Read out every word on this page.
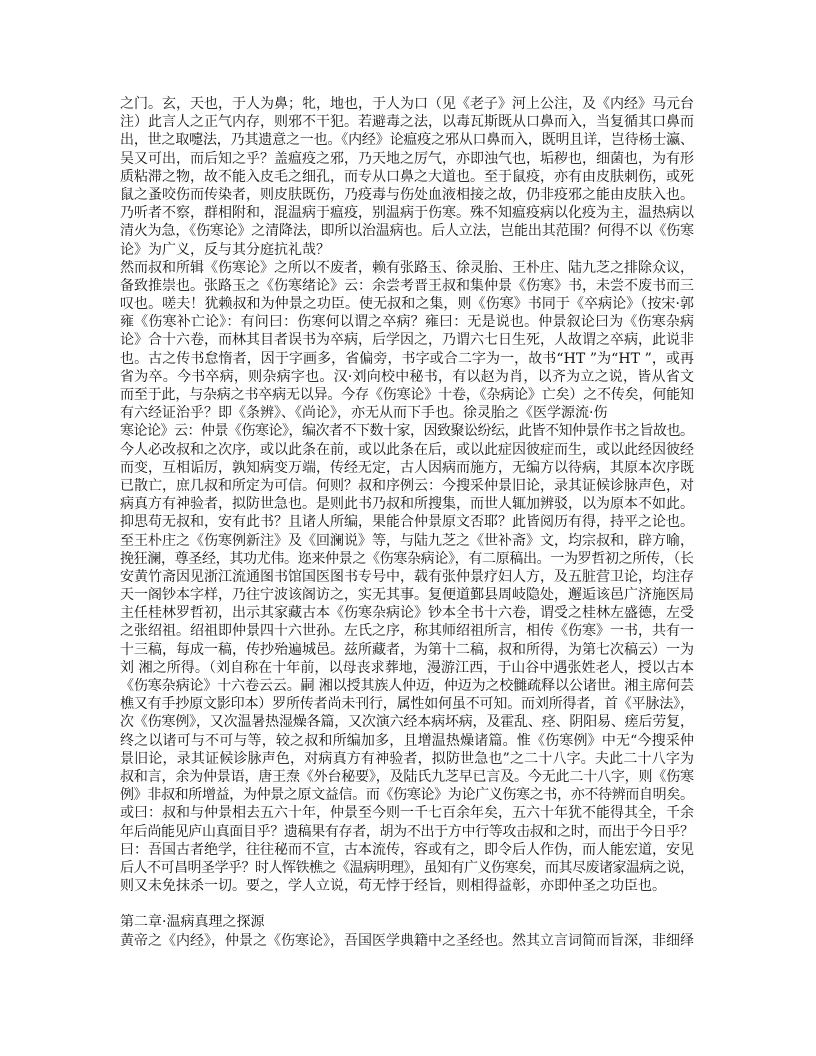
之门。玄，天也，于人为鼻；牝，地也，于人为口（见《老子》河上公注，及《内经》马元台
注）此言人之正气内存，则邪不干犯。若避毒之法，以毒瓦斯既从口鼻而入，当复循其口鼻而
出，世之取嚏法，乃其遗意之一也。《内经》论瘟疫之邪从口鼻而入，既明且详，岂待杨士瀛、
吴又可出，而后知之乎？盖瘟疫之邪，乃天地之厉气，亦即浊气也，垢秽也，细菌也，为有形
质粘滞之物，故不能入皮毛之细孔，而专从口鼻之大道也。至于鼠疫，亦有由皮肤刺伤，或死
鼠之蚤咬伤而传染者，则皮肤既伤，乃疫毒与伤处血液相接之故，仍非疫邪之能由皮肤入也。
乃听者不察，群相附和，混温病于瘟疫，别温病于伤寒。殊不知瘟疫病以化疫为主，温热病以
清火为急，《伤寒论》之清降法，即所以治温病也。后人立法，岂能出其范围？何得不以《伤寒
论》为广义，反与其分庭抗礼哉？
然而叔和所辑《伤寒论》之所以不废者，赖有张路玉、徐灵胎、王朴庄、陆九芝之排除众议，
备致推崇也。张路玉之《伤寒绪论》云：余尝考晋王叔和集仲景《伤寒》书，未尝不废书而三
叹也。嗟夫！犹赖叔和为仲景之功臣。使无叔和之集，则《伤寒》书同于《卒病论》（按宋·郭
雍《伤寒补亡论》：有问曰：伤寒何以谓之卒病？雍曰：无是说也。仲景叙论曰为《伤寒杂病
论》合十六卷，而林其目者误书为卒病，后学因之，乃谓六七日生死，人故谓之卒病，此说非
也。古之传书怠惰者，因于字画多，省偏旁，书字或合二字为一，故书“HT ”为“HT ”，或再
省为卒。今书卒病，则杂病字也。汉·刘向校中秘书，有以赵为肖，以齐为立之说，皆从省文
而至于此，与杂病之书卒病无以异。今存《伤寒论》十卷，《杂病论》亡矣）之不传矣，何能知
有六经证治乎？即《条辨》、《尚论》，亦无从而下手也。徐灵胎之《医学源流·伤
寒论论》云：仲景《伤寒论》，编次者不下数十家，因致聚讼纷纭，此皆不知仲景作书之旨故也。
今人必改叔和之次序，或以此条在前，或以此条在后，或以此症因彼症而生，或以此经因彼经
而变，互相诟厉，孰知病变万端，传经无定，古人因病而施方，无编方以待病，其原本次序既
已散亡，庶几叔和所定为可信。何则？叔和序例云：今搜采仲景旧论，录其证候诊脉声色，对
病真方有神验者，拟防世急也。是则此书乃叔和所搜集，而世人辄加辨驳，以为原本不如此。
抑思苟无叔和，安有此书？且诸人所编，果能合仲景原文否耶？此皆阅历有得，持平之论也。
至王朴庄之《伤寒例新注》及《回澜说》等，与陆九芝之《世补斋》文，均宗叔和，辟方喻，
挽狂澜，尊圣经，其功尤伟。迩来仲景之《伤寒杂病论》，有二原稿出。一为罗哲初之所传，（长
安黄竹斋因见浙江流通图书馆国医图书专号中，载有张仲景疗妇人方，及五脏营卫论，均注存
天一阁钞本字样，乃往宁波该阁访之，实无其事。复便道鄞县周岐隐处，邂逅该邑广济施医局
主任桂林罗哲初，出示其家藏古本《伤寒杂病论》钞本全书十六卷，谓受之桂林左盛德，左受
之张绍祖。绍祖即仲景四十六世孙。左氏之序，称其师绍祖所言，相传《伤寒》一书，共有一
十三稿，每成一稿，传抄殆遍城邑。兹所藏者，为第十二稿，叔和所得，为第七次稿云）一为
刘 湘之所得。（刘自称在十年前，以母丧求葬地，漫游江西，于山谷中遇张姓老人，授以古本
《伤寒杂病论》十六卷云云。嗣 湘以授其族人仲迈，仲迈为之校雠疏释以公诸世。湘主席何芸
樵又有手抄原文影印本）罗所传者尚未刊行，属性如何虽不可知。而刘所得者，首《平脉法》，
次《伤寒例》，又次温暑热湿燥各篇，又次演六经本病坏病，及霍乱、痉、阴阳易、瘥后劳复，
终之以诸可与不可与等，较之叔和所编加多，且增温热燥诸篇。惟《伤寒例》中无“今搜采仲
景旧论，录其证候诊脉声色，对病真方有神验者，拟防世急也”之二十八字。夫此二十八字为
叔和言，余为仲景语，唐王焘《外台秘要》，及陆氏九芝早已言及。今无此二十八字，则《伤寒
例》非叔和所增益，为仲景之原文益信。而《伤寒论》为论广义伤寒之书，亦不待辨而自明矣。
或曰：叔和与仲景相去五六十年，仲景至今则一千七百余年矣，五六十年犹不能得其全，千余
年后尚能见庐山真面目乎？遗稿果有存者，胡为不出于方中行等攻击叔和之时，而出于今日乎？
曰：吾国古者绝学，往往秘而不宣，古本流传，容或有之，即令后人作伪，而人能宏道，安见
后人不可昌明圣学乎？时人恽铁樵之《温病明理》，虽知有广义伤寒矣，而其尽废诸家温病之说，
则又未免抹杀一切。要之，学人立说，苟无悖于经旨，则相得益彰，亦即仲圣之功臣也。
第二章·温病真理之探源
黄帝之《内经》，仲景之《伤寒论》，吾国医学典籍中之圣经也。然其立言词简而旨深，非细绎
